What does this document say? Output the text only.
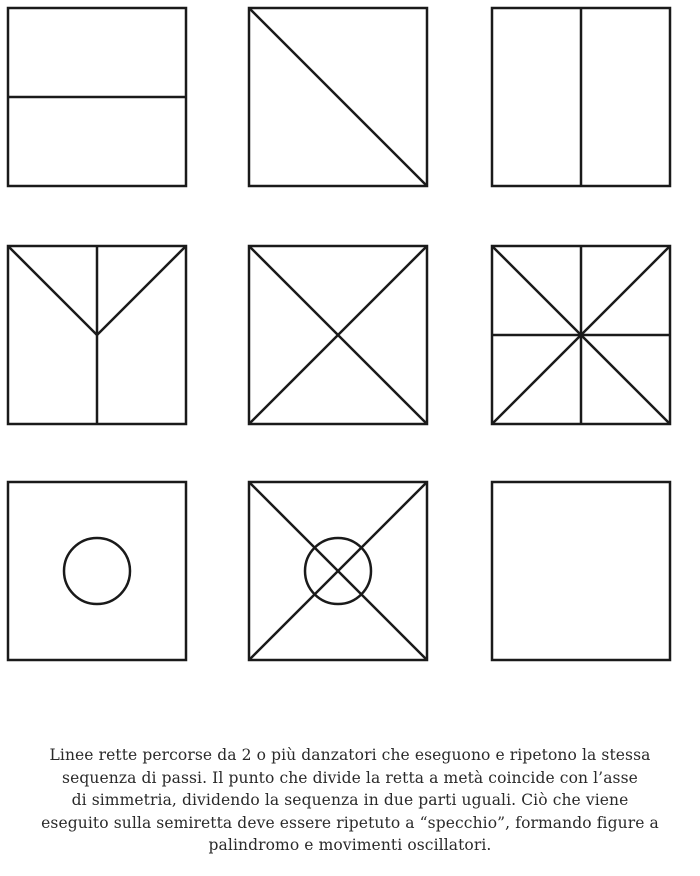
Linee rette percorse da 2 o più danzatori che eseguono e ripetono la stessa
sequenza di passi. Il punto che divide la retta a metà coincide con l’asse
di simmetria, dividendo la sequenza in due parti uguali. Ciò che viene
eseguito sulla semiretta deve essere ripetuto a “specchio”, formando figure a
palindromo e movimenti oscillatori.
